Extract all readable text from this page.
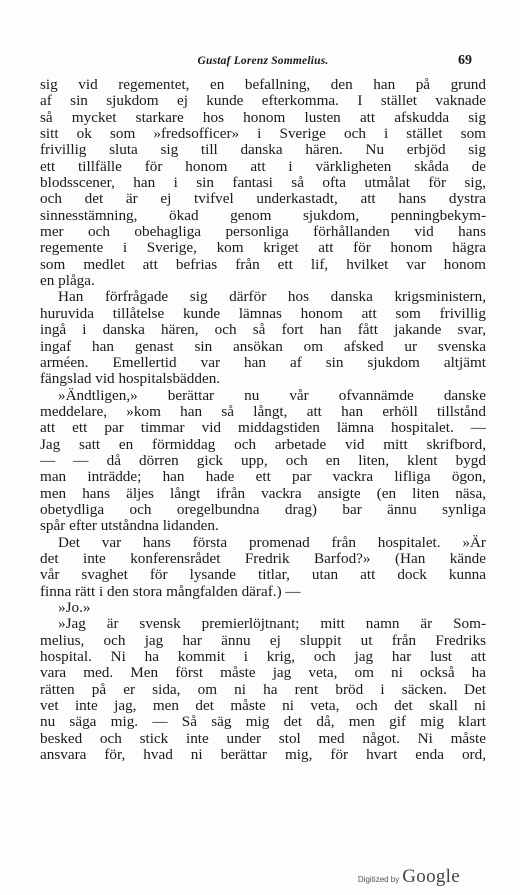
Gustaf Lorenz Sommelius.	69
sig vid regementet, en befallning, den han på grund
af sin sjukdom ej kunde efterkomma. I stället vaknade
så mycket starkare hos honom lusten att afskudda sig
sitt ok som »fredsofficer» i Sverige och i stället som
frivillig sluta sig till danska hären. Nu erbjöd sig
ett tillfälle för honom att i värkligheten skåda de
blodsscener, han i sin fantasi så ofta utmålat för sig,
och det är ej tvifvel underkastadt, att hans dystra
sinnesstämning, ökad genom sjukdom, penningbekym-
mer och obehagliga personliga förhållanden vid hans
regemente i Sverige, kom kriget att för honom hägra
som medlet att befrias från ett lif, hvilket var honom
en plåga.
Han förfrågade sig därför hos danska krigsministern,
huruvida tillåtelse kunde lämnas honom att som frivillig
ingå i danska hären, och så fort han fått jakande svar,
ingaf han genast sin ansökan om afsked ur svenska
arméen. Emellertid var han af sin sjukdom altjämt
fängslad vid hospitalsbädden.
»Ändtligen,» berättar nu vår ofvannämde danske
meddelare, »kom han så långt, att han erhöll tillstånd
att ett par timmar vid middagstiden lämna hospitalet. —
Jag satt en förmiddag och arbetade vid mitt skrifbord,
— — då dörren gick upp, och en liten, klent bygd
man inträdde; han hade ett par vackra lifliga ögon,
men hans äljes långt ifrån vackra ansigte (en liten näsa,
obetydliga och oregelbundna drag) bar ännu synliga
spår efter utståndna lidanden.
Det var hans första promenad från hospitalet. »Är
det inte konferensrådet Fredrik Barfod?» (Han kände
vår svaghet för lysande titlar, utan att dock kunna
finna rätt i den stora mångfalden däraf.) —
»Jo.»
»Jag är svensk premierlöjtnant; mitt namn är Som-
melius, och jag har ännu ej sluppit ut från Fredriks
hospital. Ni ha kommit i krig, och jag har lust att
vara med. Men först måste jag veta, om ni också ha
rätten på er sida, om ni ha rent bröd i säcken. Det
vet inte jag, men det måste ni veta, och det skall ni
nu säga mig. — Så säg mig det då, men gif mig klart
besked och stick inte under stol med något. Ni måste
ansvara för, hvad ni berättar mig, för hvart enda ord,
Digitized by Google
